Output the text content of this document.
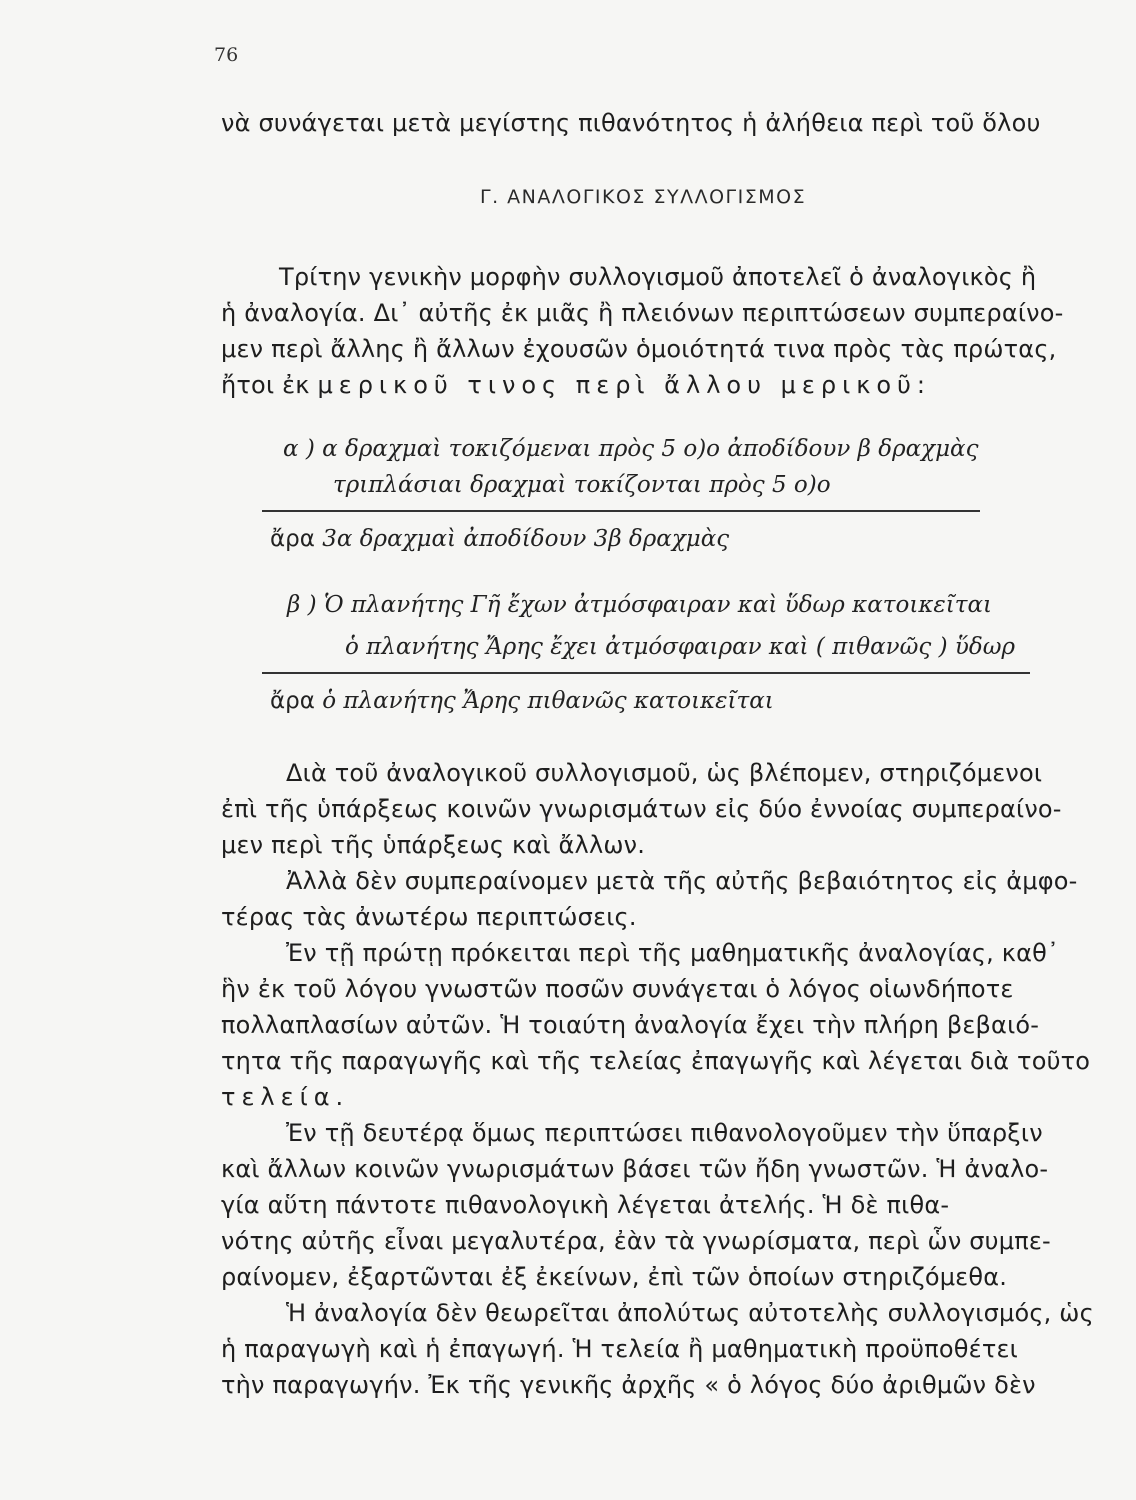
76
νὰ συνάγεται μετὰ μεγίστης πιθανότητος ἡ ἀλήθεια περὶ τοῦ ὅλου
Γ. ΑΝΑΛΟΓΙΚΟΣ ΣΥΛΛΟΓΙΣΜΟΣ
Τρίτην γενικὴν μορφὴν συλλογισμοῦ ἀποτελεῖ ὁ ἀναλογικὸς ἢ
ἡ ἀναλογία. Δι᾽ αὐτῆς ἐκ μιᾶς ἢ πλειόνων περιπτώσεων συμπεραίνο-
μεν περὶ ἄλλης ἢ ἄλλων ἐχουσῶν ὁμοιότητά τινα πρὸς τὰς πρώτας,
ἤτοι ἐκ μερικοῦ τινος περὶ ἄλλου μερικοῦ:
α ) α δραχμαὶ τοκιζόμεναι πρὸς 5 ο)ο ἀποδίδουν β δραχμὰς
τριπλάσιαι δραχμαὶ τοκίζονται πρὸς 5 ο)ο
ἄρα 3α δραχμαὶ ἀποδίδουν 3β δραχμὰς
β ) Ὁ πλανήτης Γῆ ἔχων ἀτμόσφαιραν καὶ ὕδωρ κατοικεῖται
ὁ πλανήτης Ἄρης ἔχει ἀτμόσφαιραν καὶ ( πιθανῶς ) ὕδωρ
ἄρα ὁ πλανήτης Ἄρης πιθανῶς κατοικεῖται
Διὰ τοῦ ἀναλογικοῦ συλλογισμοῦ, ὡς βλέπομεν, στηριζόμενοι
ἐπὶ τῆς ὑπάρξεως κοινῶν γνωρισμάτων εἰς δύο ἐννοίας συμπεραίνο-
μεν περὶ τῆς ὑπάρξεως καὶ ἄλλων.
Ἀλλὰ δὲν συμπεραίνομεν μετὰ τῆς αὐτῆς βεβαιότητος εἰς ἀμφο-
τέρας τὰς ἀνωτέρω περιπτώσεις.
Ἐν τῇ πρώτῃ πρόκειται περὶ τῆς μαθηματικῆς ἀναλογίας, καθ᾽
ἣν ἐκ τοῦ λόγου γνωστῶν ποσῶν συνάγεται ὁ λόγος οἱωνδήποτε
πολλαπλασίων αὐτῶν. Ἡ τοιαύτη ἀναλογία ἔχει τὴν πλήρη βεβαιό-
τητα τῆς παραγωγῆς καὶ τῆς τελείας ἐπαγωγῆς καὶ λέγεται διὰ τοῦτο
τελεία.
Ἐν τῇ δευτέρᾳ ὅμως περιπτώσει πιθανολογοῦμεν τὴν ὕπαρξιν
καὶ ἄλλων κοινῶν γνωρισμάτων βάσει τῶν ἤδη γνωστῶν. Ἡ ἀναλο-
γία αὕτη πάντοτε πιθανολογικὴ λέγεται ἀτελής. Ἡ δὲ πιθα-
νότης αὐτῆς εἶναι μεγαλυτέρα, ἐὰν τὰ γνωρίσματα, περὶ ὧν συμπε-
ραίνομεν, ἐξαρτῶνται ἐξ ἐκείνων, ἐπὶ τῶν ὁποίων στηριζόμεθα.
Ἡ ἀναλογία δὲν θεωρεῖται ἀπολύτως αὐτοτελὴς συλλογισμός, ὡς
ἡ παραγωγὴ καὶ ἡ ἐπαγωγή. Ἡ τελεία ἢ μαθηματικὴ προϋποθέτει
τὴν παραγωγήν. Ἐκ τῆς γενικῆς ἀρχῆς « ὁ λόγος δύο ἀριθμῶν δὲν
